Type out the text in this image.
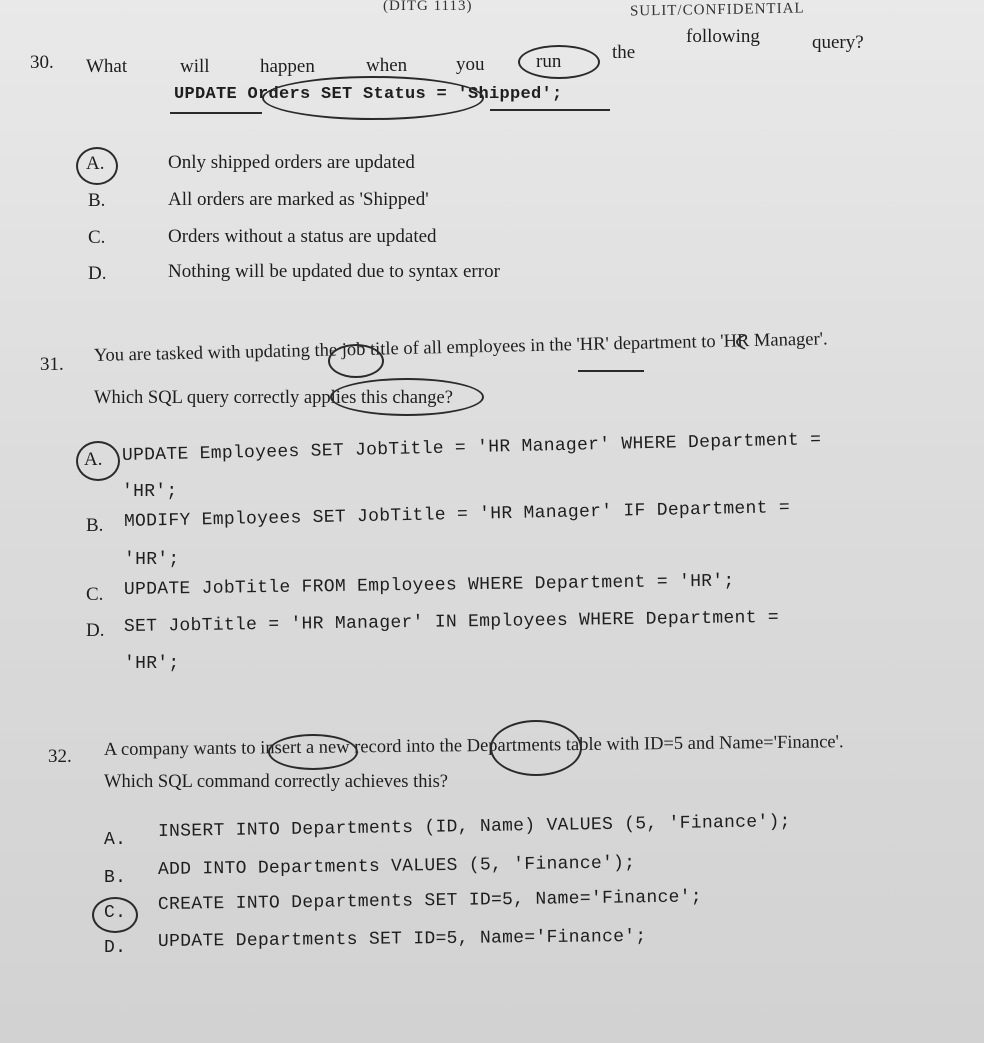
(DITG 1113)	SULIT/CONFIDENTIAL
30. What	will	happen	when	you	run	the
following	query?
UPDATE Orders SET Status = 'Shipped';
A.	Only shipped orders are updated
B.	All orders are marked as 'Shipped'
C.	Orders without a status are updated
D.	Nothing will be updated due to syntax error
31. You are tasked with updating the job title of all employees in the 'HR' department to 'HR Manager'.
Which SQL query correctly applies this change?
A. UPDATE Employees SET JobTitle = 'HR Manager' WHERE Department =
'HR';
B. MODIFY Employees SET JobTitle = 'HR Manager' IF Department =
'HR';
C. UPDATE JobTitle FROM Employees WHERE Department = 'HR';
D. SET JobTitle = 'HR Manager' IN Employees WHERE Department =
'HR';
32. A company wants to insert a new record into the Departments table with ID=5 and Name='Finance'.
Which SQL command correctly achieves this?
A. INSERT INTO Departments (ID, Name) VALUES (5, 'Finance');
B. ADD INTO Departments VALUES (5, 'Finance');
C. CREATE INTO Departments SET ID=5, Name='Finance';
D. UPDATE Departments SET ID=5, Name='Finance';
